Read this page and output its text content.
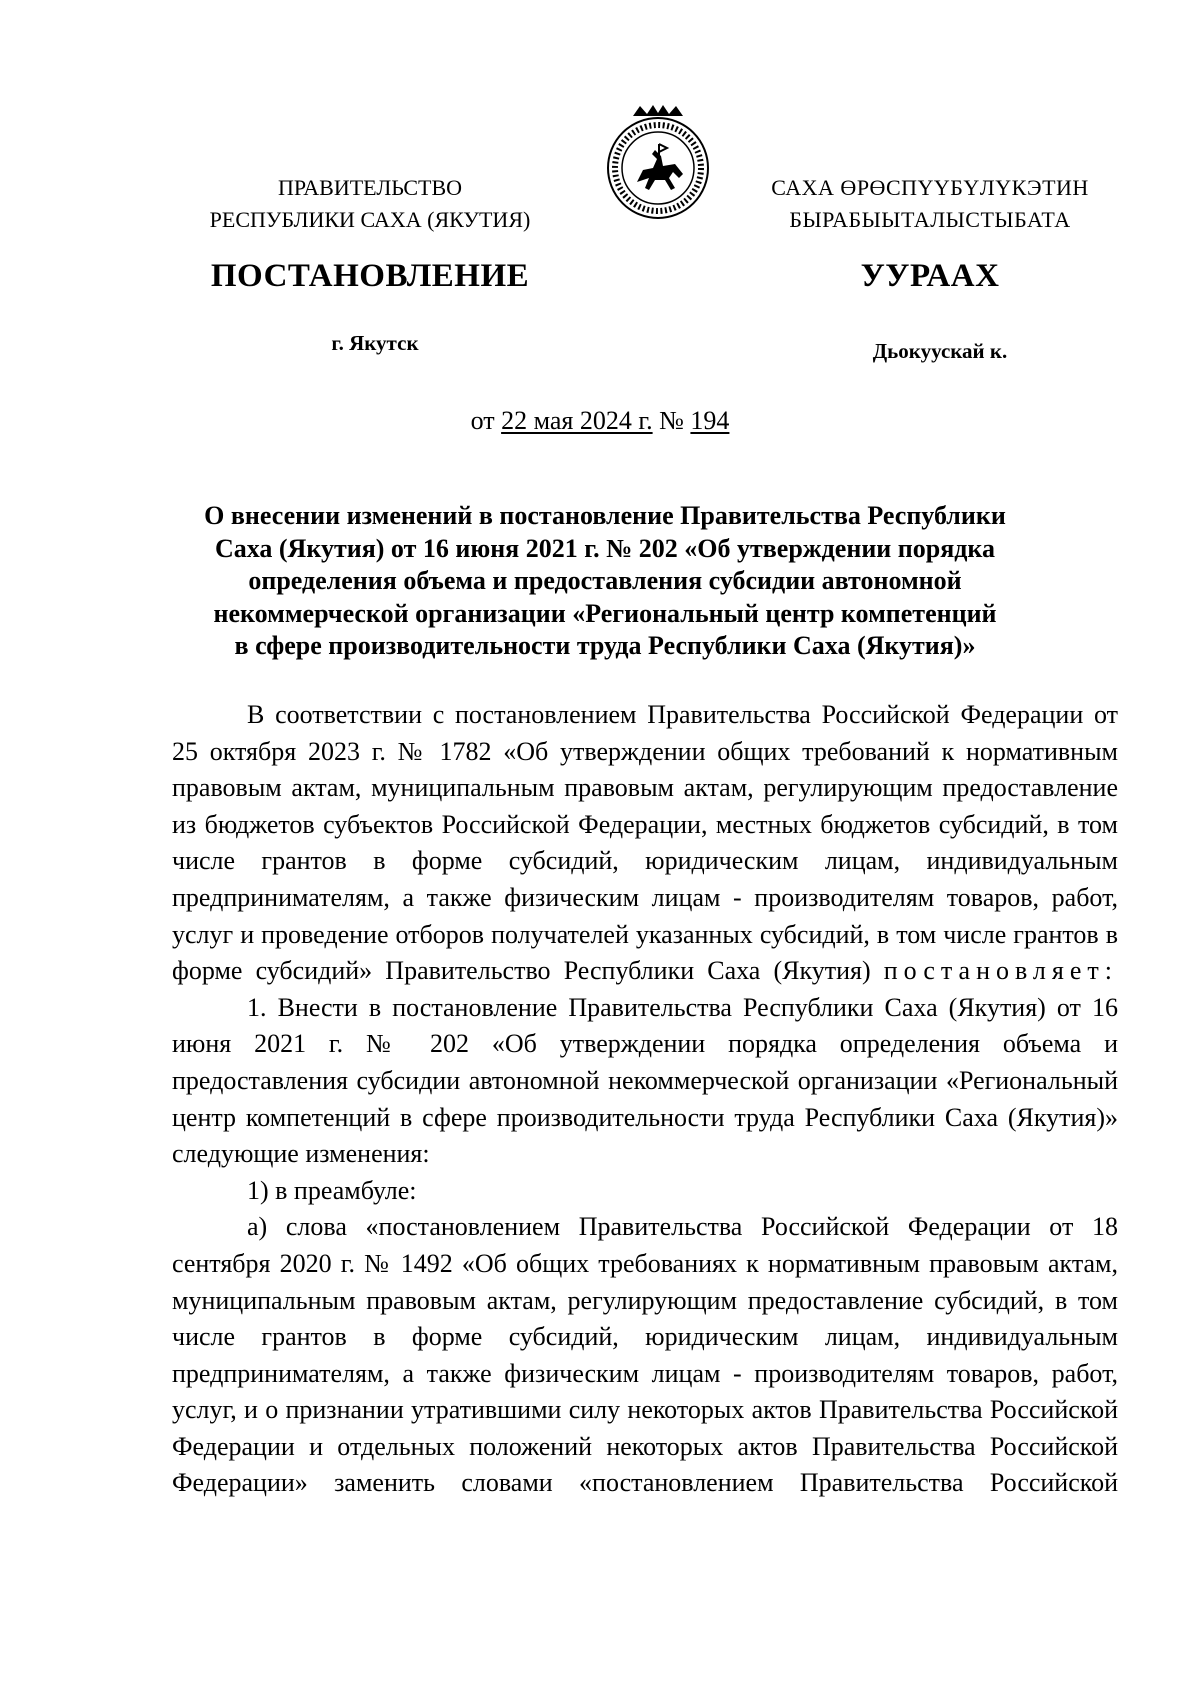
ПРАВИТЕЛЬСТВО
РЕСПУБЛИКИ САХА (ЯКУТИЯ)
САХА ӨРӨСПҮҮБҮЛҮКЭТИН
БЫРАБЫЫТАЛЫСТЫБАТА
ПОСТАНОВЛЕНИЕ	УУРААХ
г. Якутск	Дьокуускай к.
от 22 мая 2024 г. № 194
О внесении изменений в постановление Правительства Республики
Саха (Якутия) от 16 июня 2021 г. № 202 «Об утверждении порядка
определения объема и предоставления субсидии автономной
некоммерческой организации «Региональный центр компетенций
в сфере производительности труда Республики Саха (Якутия)»

В соответствии с постановлением Правительства Российской Федерации от 25 октября 2023 г. № 1782 «Об утверждении общих требований к нормативным правовым актам, муниципальным правовым актам, регулирующим предоставление из бюджетов субъектов Российской Федерации, местных бюджетов субсидий, в том числе грантов в форме субсидий, юридическим лицам, индивидуальным предпринимателям, а также физическим лицам - производителям товаров, работ, услуг и проведение отборов получателей указанных субсидий, в том числе грантов в форме субсидий» Правительство Республики Саха (Якутия) постановляет:

1. Внести в постановление Правительства Республики Саха (Якутия) от 16 июня 2021 г. № 202 «Об утверждении порядка определения объема и предоставления субсидии автономной некоммерческой организации «Региональный центр компетенций в сфере производительности труда Республики Саха (Якутия)» следующие изменения:

1) в преамбуле:

а) слова «постановлением Правительства Российской Федерации от 18 сентября 2020 г. № 1492 «Об общих требованиях к нормативным правовым актам, муниципальным правовым актам, регулирующим предоставление субсидий, в том числе грантов в форме субсидий, юридическим лицам, индивидуальным предпринимателям, а также физическим лицам - производителям товаров, работ, услуг, и о признании утратившими силу некоторых актов Правительства Российской Федерации и отдельных положений некоторых актов Правительства Российской Федерации» заменить словами «постановлением Правительства Российской
